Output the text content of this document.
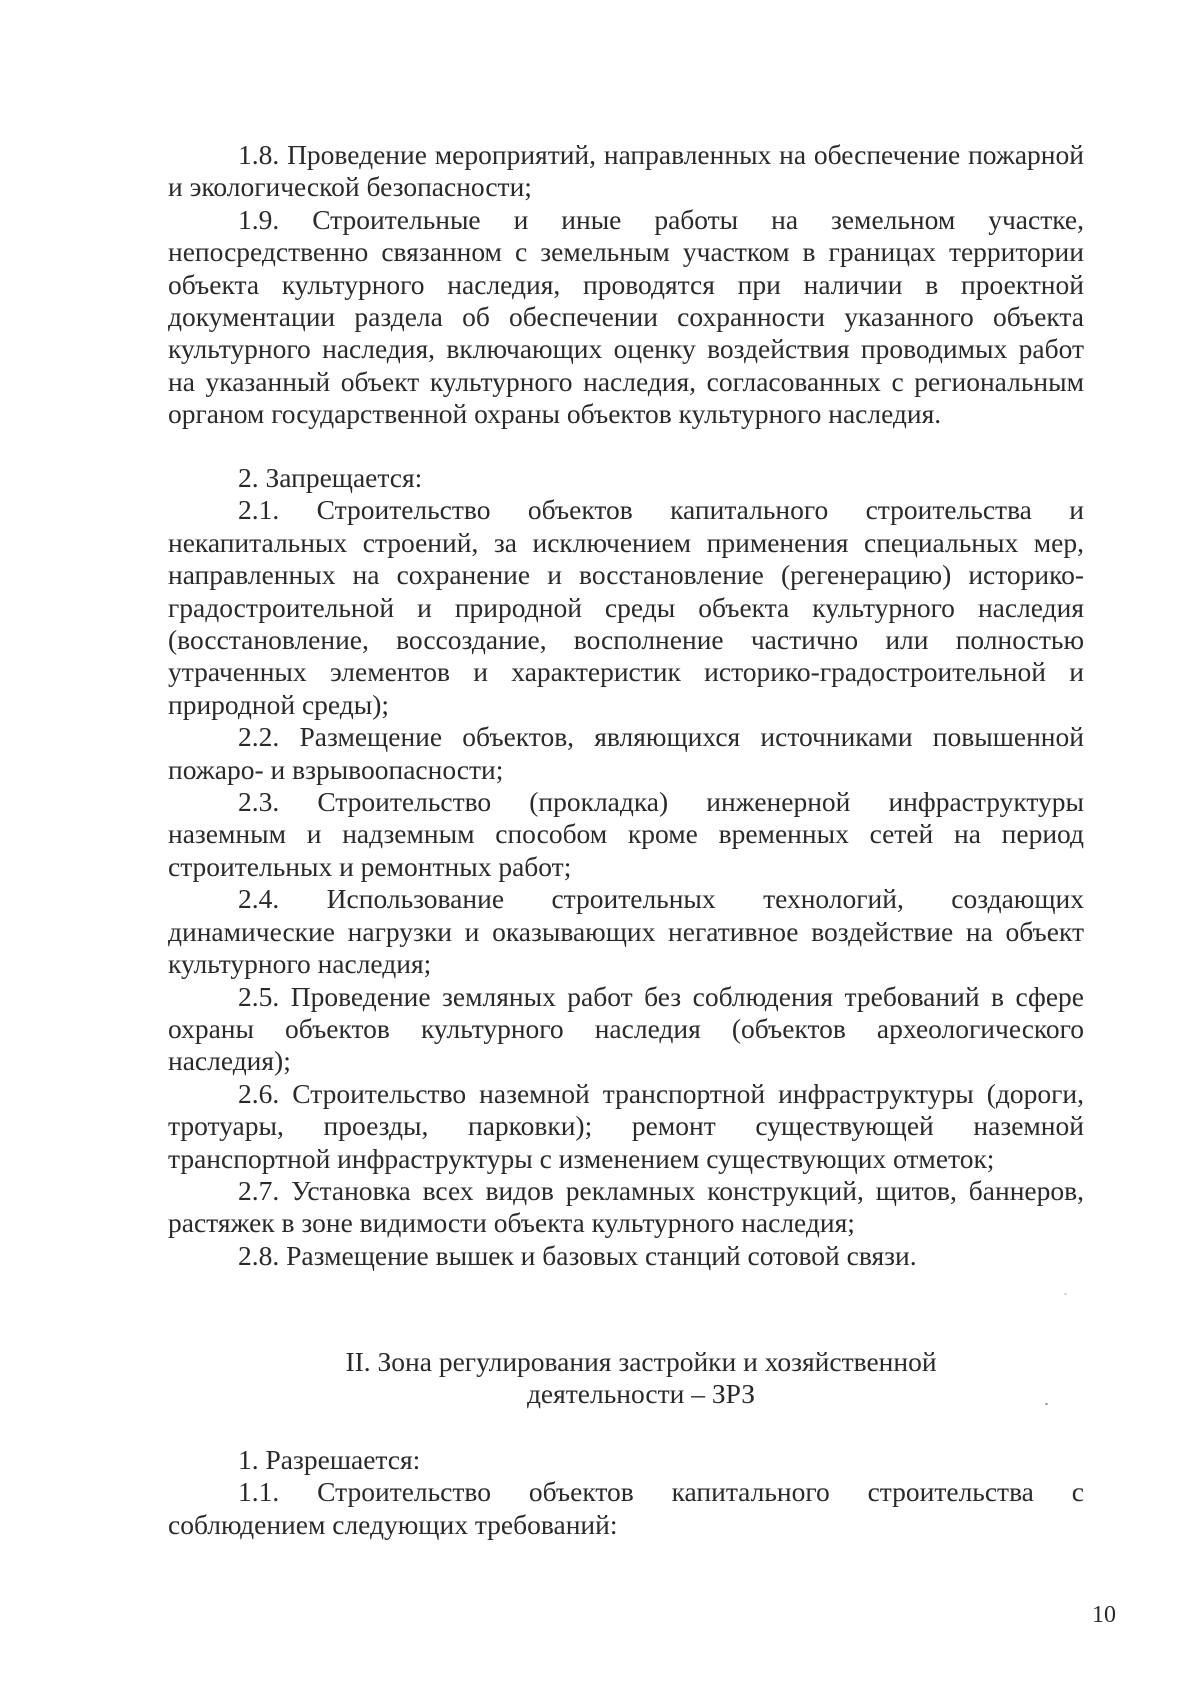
1.8. Проведение мероприятий, направленных на обеспечение пожарной и экологической безопасности;

1.9. Строительные и иные работы на земельном участке, непосредственно связанном с земельным участком в границах территории объекта культурного наследия, проводятся при наличии в проектной документации раздела об обеспечении сохранности указанного объекта культурного наследия, включающих оценку воздействия проводимых работ на указанный объект культурного наследия, согласованных с региональным органом государственной охраны объектов культурного наследия.

2. Запрещается:

2.1. Строительство объектов капитального строительства и некапитальных строений, за исключением применения специальных мер, направленных на сохранение и восстановление (регенерацию) историко-градостроительной и природной среды объекта культурного наследия (восстановление, воссоздание, восполнение частично или полностью утраченных элементов и характеристик историко-градостроительной и природной среды);

2.2. Размещение объектов, являющихся источниками повышенной пожаро- и взрывоопасности;

2.3. Строительство (прокладка) инженерной инфраструктуры наземным и надземным способом кроме временных сетей на период строительных и ремонтных работ;

2.4. Использование строительных технологий, создающих динамические нагрузки и оказывающих негативное воздействие на объект культурного наследия;

2.5. Проведение земляных работ без соблюдения требований в сфере охраны объектов культурного наследия (объектов археологического наследия);

2.6. Строительство наземной транспортной инфраструктуры (дороги, тротуары, проезды, парковки); ремонт существующей наземной транспортной инфраструктуры с изменением существующих отметок;

2.7. Установка всех видов рекламных конструкций, щитов, баннеров, растяжек в зоне видимости объекта культурного наследия;

2.8. Размещение вышек и базовых станций сотовой связи.

II. Зона регулирования застройки и хозяйственной
деятельности – ЗРЗ

1. Разрешается:

1.1. Строительство объектов капитального строительства с соблюдением следующих требований:

10
